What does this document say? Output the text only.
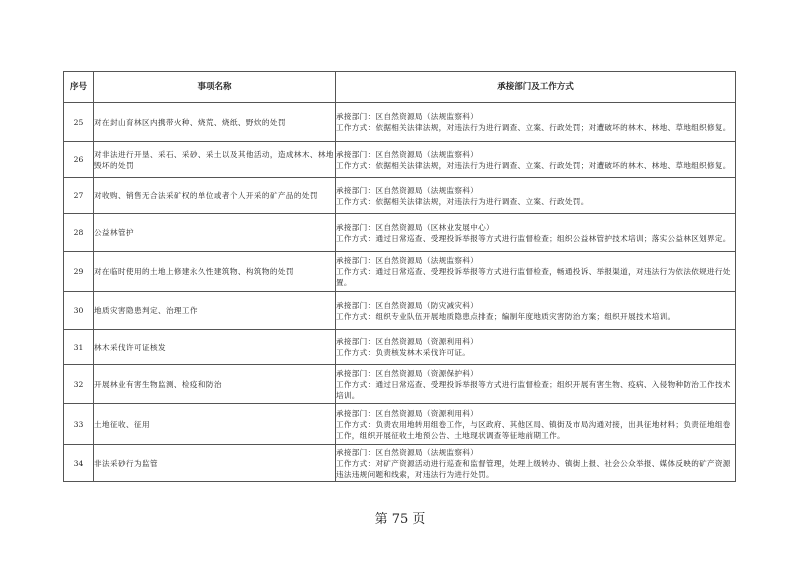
序号	事项名称	承接部门及工作方式
25	对在封山育林区内携带火种、烧荒、烧纸、野炊的处罚	承接部门：区自然资源局（法规监察科）
工作方式：依据相关法律法规，对违法行为进行调查、立案、行政处罚；对遭破坏的林木、林地、草地组织修复。

26	对非法进行开垦、采石、采砂、采土以及其他活动，造成林木、林地毁坏的处罚	承接部门：区自然资源局（法规监察科）
工作方式：依据相关法律法规，对违法行为进行调查、立案、行政处罚；对遭破坏的林木、林地、草地组织修复。

27	对收购、销售无合法采矿权的单位或者个人开采的矿产品的处罚	承接部门：区自然资源局（法规监察科）
工作方式：依据相关法律法规，对违法行为进行调查、立案、行政处罚。

28	公益林管护	承接部门：区自然资源局（区林业发展中心）
工作方式：通过日常巡查、受理投诉举报等方式进行监督检查；组织公益林管护技术培训；落实公益林区划界定。

29	对在临时使用的土地上修建永久性建筑物、构筑物的处罚	承接部门：区自然资源局（法规监察科）
工作方式：通过日常巡查、受理投诉举报等方式进行监督检查，畅通投诉、举报渠道，对违法行为依法依规进行处置。

30	地质灾害隐患判定、治理工作	承接部门：区自然资源局（防灾减灾科）
工作方式：组织专业队伍开展地质隐患点排查；编制年度地质灾害防治方案；组织开展技术培训。

31	林木采伐许可证核发	承接部门：区自然资源局（资源利用科）
工作方式：负责核发林木采伐许可证。

32	开展林业有害生物监测、检疫和防治	承接部门：区自然资源局（资源保护科）
工作方式：通过日常巡查、受理投诉举报等方式进行监督检查；组织开展有害生物、疫病、入侵物种防治工作技术培训。

33	土地征收、征用	承接部门：区自然资源局（资源利用科）
工作方式：负责农用地转用组卷工作，与区政府、其他区局、镇街及市局沟通对接，出具征地材料；负责征地组卷工作，组织开展征收土地预公告、土地现状调查等征地前期工作。

34	非法采砂行为监管	承接部门：区自然资源局（法规监察科）
工作方式：对矿产资源活动进行巡查和监督管理，处理上级转办、镇街上报、社会公众举报、媒体反映的矿产资源违法违规问题和线索，对违法行为进行处罚。
第 75 页
